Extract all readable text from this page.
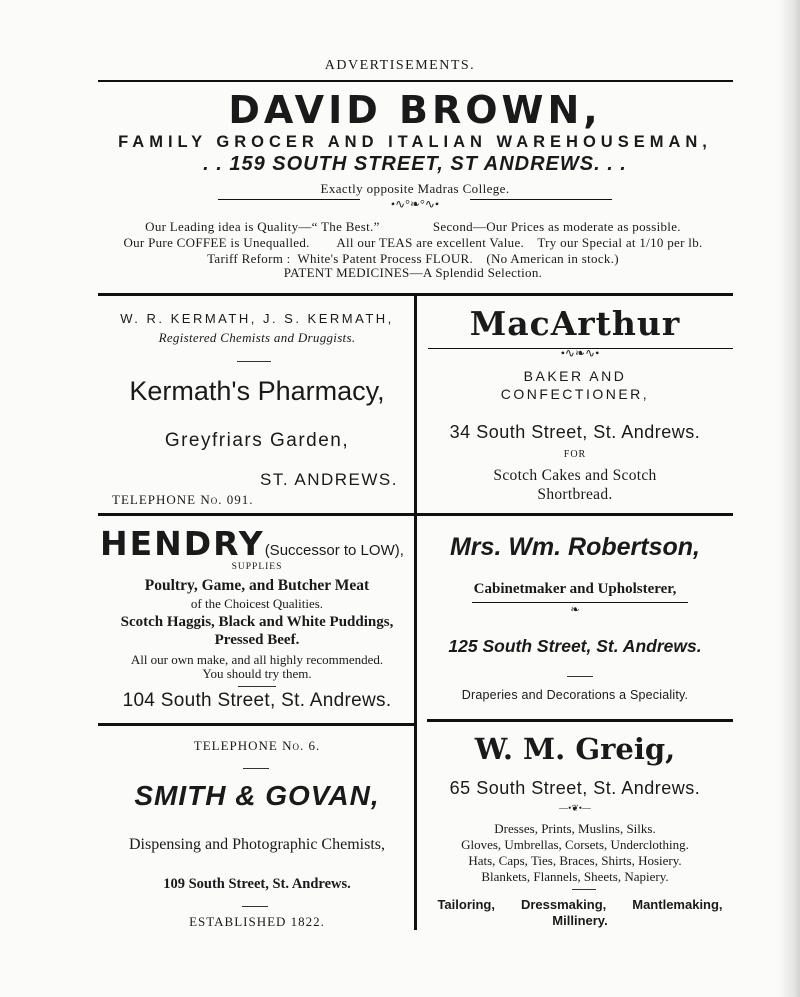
ADVERTISEMENTS.
DAVID BROWN,
FAMILY GROCER AND ITALIAN WAREHOUSEMAN,
. . 159 SOUTH STREET, ST ANDREWS. . .
Exactly opposite Madras College.
•∿°❧°∿•
Our Leading idea is Quality—“ The Best.”    Second—Our Prices as moderate as possible.
Our Pure COFFEE is Unequalled.  All our TEAS are excellent Value. Try our Special at 1/10 per lb.
Tariff Reform : White's Patent Process FLOUR. (No American in stock.)
PATENT MEDICINES—A Splendid Selection.
W. R. KERMATH, J. S. KERMATH,
Registered Chemists and Druggists.
Kermath's Pharmacy,
Greyfriars Garden,
ST. ANDREWS.
TELEPHONE No. 091.
MacArthur
•∿❧∿•
BAKER AND
CONFECTIONER,
34 South Street, St. Andrews.
FOR
Scotch Cakes and Scotch
Shortbread.
HENDRY(Successor to LOW),
SUPPLIES
Poultry, Game, and Butcher Meat
of the Choicest Qualities.
Scotch Haggis, Black and White Puddings,
Pressed Beef.
All our own make, and all highly recommended.
You should try them.
104 South Street, St. Andrews.
Mrs. Wm. Robertson,
Cabinetmaker and Upholsterer,
❧
125 South Street, St. Andrews.
Draperies and Decorations a Speciality.
TELEPHONE No. 6.
SMITH & GOVAN,
Dispensing and Photographic Chemists,
109 South Street, St. Andrews.
ESTABLISHED 1822.
W. M. Greig,
65 South Street, St. Andrews.
—•❦•—
Dresses, Prints, Muslins, Silks.
Gloves, Umbrellas, Corsets, Underclothing.
Hats, Caps, Ties, Braces, Shirts, Hosiery.
Blankets, Flannels, Sheets, Napiery.
Tailoring,  Dressmaking,  Mantlemaking,
Millinery.
